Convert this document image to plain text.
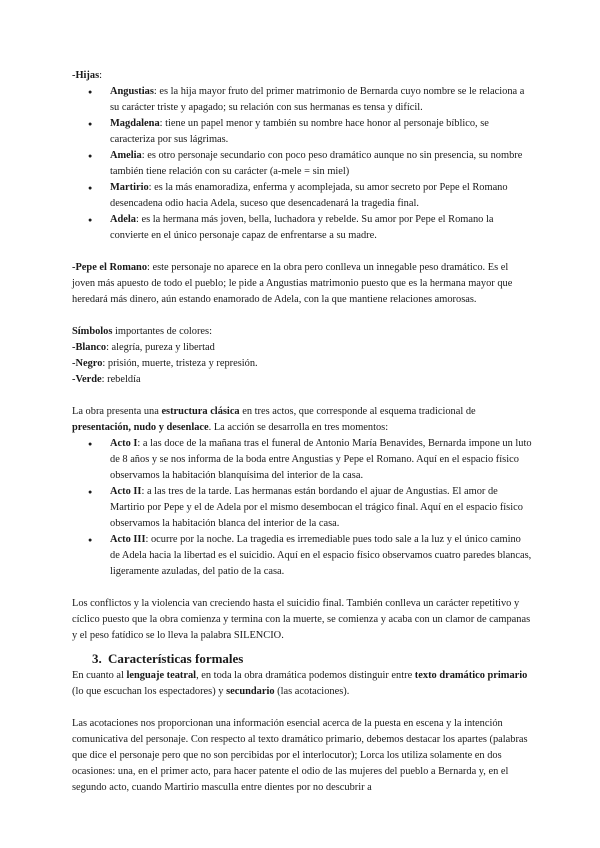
-Hijas:

● Angustias: es la hija mayor fruto del primer matrimonio de Bernarda cuyo nombre se le relaciona a su carácter triste y apagado; su relación con sus hermanas es tensa y difícil.
● Magdalena: tiene un papel menor y también su nombre hace honor al personaje bíblico, se caracteriza por sus lágrimas.
● Amelia: es otro personaje secundario con poco peso dramático aunque no sin presencia, su nombre también tiene relación con su carácter (a-mele = sin miel)
● Martirio: es la más enamoradiza, enferma y acomplejada, su amor secreto por Pepe el Romano desencadena odio hacia Adela, suceso que desencadenará la tragedia final.
● Adela: es la hermana más joven, bella, luchadora y rebelde. Su amor por Pepe el Romano la convierte en el único personaje capaz de enfrentarse a su madre.

-Pepe el Romano: este personaje no aparece en la obra pero conlleva un innegable peso dramático. Es el joven más apuesto de todo el pueblo; le pide a Angustias matrimonio puesto que es la hermana mayor que heredará más dinero, aún estando enamorado de Adela, con la que mantiene relaciones amorosas.

Símbolos importantes de colores:

-Blanco: alegría, pureza y libertad

-Negro: prisión, muerte, tristeza y represión.

-Verde: rebeldía

La obra presenta una estructura clásica en tres actos, que corresponde al esquema tradicional de presentación, nudo y desenlace. La acción se desarrolla en tres momentos:

● Acto I: a las doce de la mañana tras el funeral de Antonio María Benavides, Bernarda impone un luto de 8 años y se nos informa de la boda entre Angustias y Pepe el Romano. Aquí en el espacio físico observamos la habitación blanquísima del interior de la casa.
● Acto II: a las tres de la tarde. Las hermanas están bordando el ajuar de Angustias. El amor de Martirio por Pepe y el de Adela por el mismo desembocan el trágico final. Aquí en el espacio físico observamos la habitación blanca del interior de la casa.
● Acto III: ocurre por la noche. La tragedia es irremediable pues todo sale a la luz y el único camino de Adela hacia la libertad es el suicidio. Aquí en el espacio físico observamos cuatro paredes blancas, ligeramente azuladas, del patio de la casa.

Los conflictos y la violencia van creciendo hasta el suicidio final. También conlleva un carácter repetitivo y cíclico puesto que la obra comienza y termina con la muerte, se comienza y acaba con un clamor de campanas y el peso fatídico se lo lleva la palabra SILENCIO.

3. Características formales

En cuanto al lenguaje teatral, en toda la obra dramática podemos distinguir entre texto dramático primario (lo que escuchan los espectadores) y secundario (las acotaciones).

Las acotaciones nos proporcionan una información esencial acerca de la puesta en escena y la intención comunicativa del personaje. Con respecto al texto dramático primario, debemos destacar los apartes (palabras que dice el personaje pero que no son percibidas por el interlocutor); Lorca los utiliza solamente en dos ocasiones: una, en el primer acto, para hacer patente el odio de las mujeres del pueblo a Bernarda y, en el segundo acto, cuando Martirio masculla entre dientes por no descubrir a
